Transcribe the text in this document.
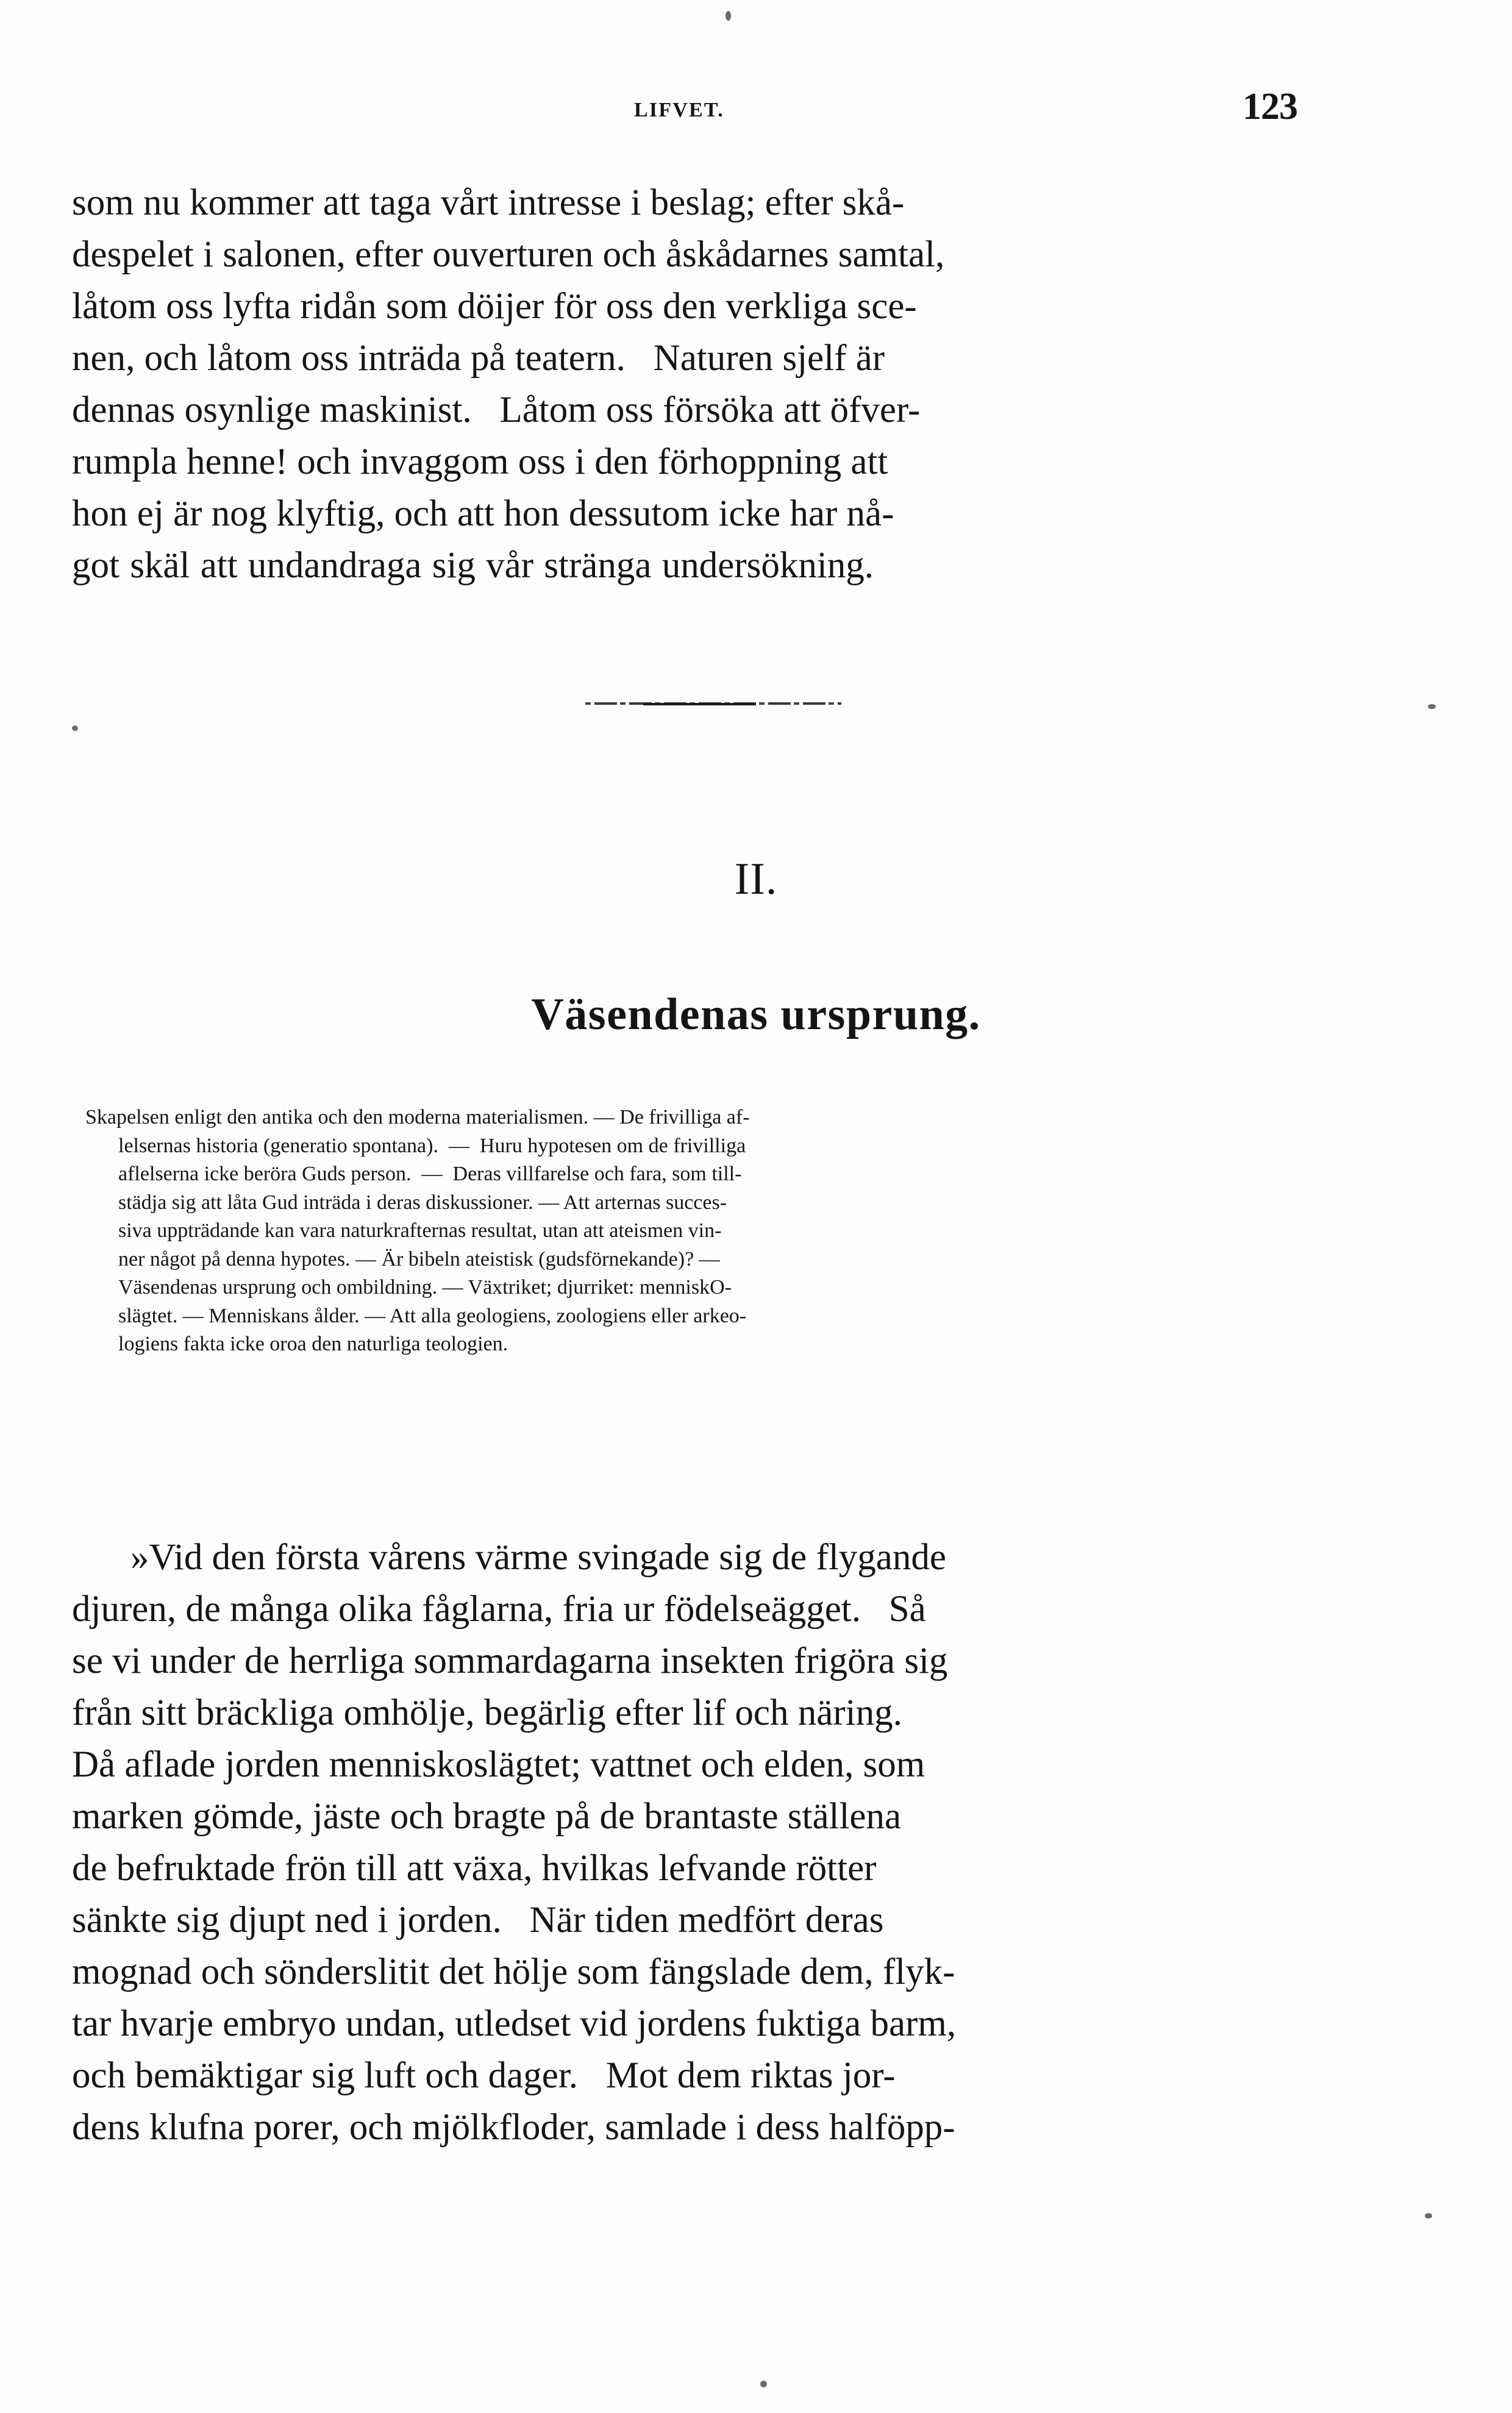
LIFVET.	123
som nu kommer att taga vårt intresse i beslag; efter skå-
despelet i salonen, efter ouverturen och åskådarnes samtal,
låtom oss lyfta ridån som döijer för oss den verkliga sce-
nen, och låtom oss inträda på teatern.   Naturen sjelf är
dennas osynlige maskinist.   Låtom oss försöka att öfver-
rumpla henne! och invaggom oss i den förhoppning att
hon ej är nog klyftig, och att hon dessutom icke har nå-
got skäl att undandraga sig vår stränga undersökning.
II.
Väsendenas ursprung.
Skapelsen enligt den antika och den moderna materialismen. — De frivilliga af-
lelsernas historia (generatio spontana).  —  Huru hypotesen om de frivilliga
aflelserna icke beröra Guds person.  —  Deras villfarelse och fara, som till-
städja sig att låta Gud inträda i deras diskussioner. — Att arternas succes-
siva uppträdande kan vara naturkrafternas resultat, utan att ateismen vin-
ner något på denna hypotes. — Är bibeln ateistisk (gudsförnekande)? —
Väsendenas ursprung och ombildning. — Växtriket; djurriket: menniskO-
slägtet. — Menniskans ålder. — Att alla geologiens, zoologiens eller arkeo-
logiens fakta icke oroa den naturliga teologien.
»Vid den första vårens värme svingade sig de flygande
djuren, de många olika fåglarna, fria ur födelseägget.   Så
se vi under de herrliga sommardagarna insekten frigöra sig
från sitt bräckliga omhölje, begärlig efter lif och näring.
Då aflade jorden menniskoslägtet; vattnet och elden, som
marken gömde, jäste och bragte på de brantaste ställena
de befruktade frön till att växa, hvilkas lefvande rötter
sänkte sig djupt ned i jorden.   När tiden medfört deras
mognad och sönderslitit det hölje som fängslade dem, flyk-
tar hvarje embryo undan, utledset vid jordens fuktiga barm,
och bemäktigar sig luft och dager.   Mot dem riktas jor-
dens klufna porer, och mjölkfloder, samlade i dess halföpp-
